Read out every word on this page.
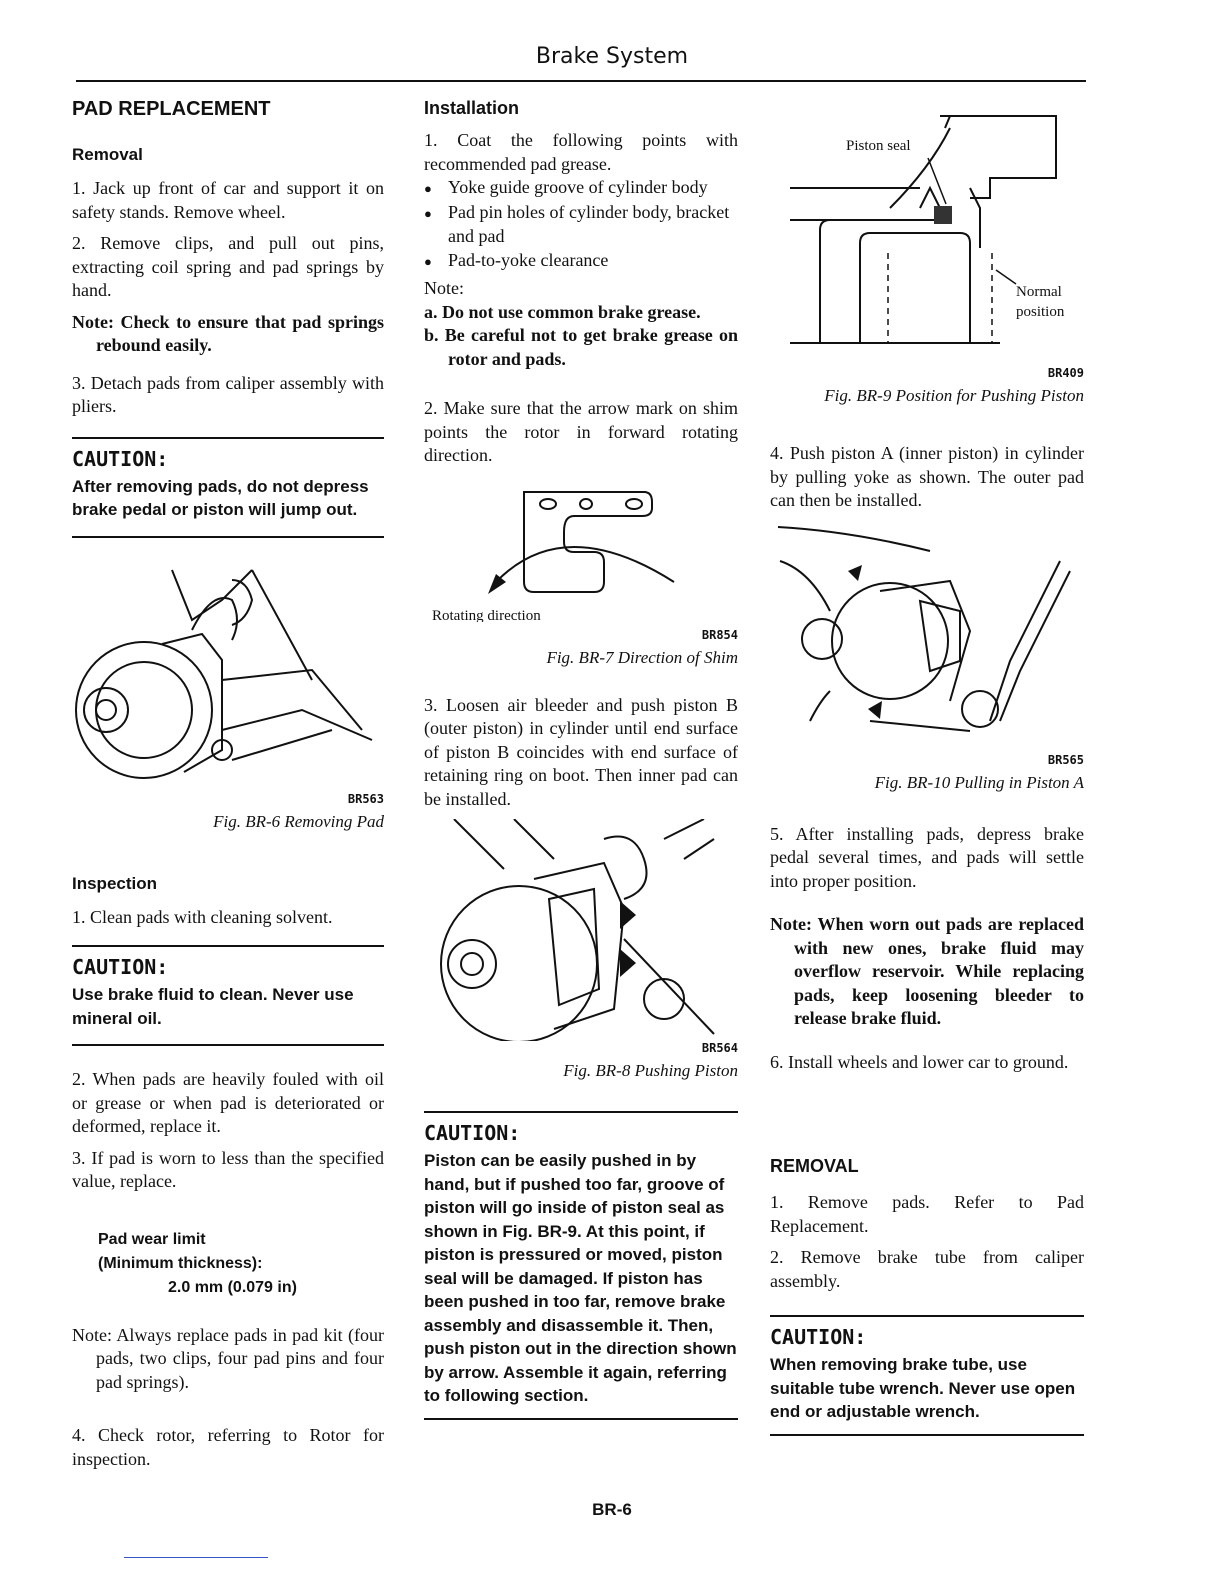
Brake System
PAD REPLACEMENT
Removal

1. Jack up front of car and support it on safety stands. Remove wheel.

2. Remove clips, and pull out pins, extracting coil spring and pad springs by hand.

Note: Check to ensure that pad springs rebound easily.

3. Detach pads from caliper assembly with pliers.

CAUTION:
After removing pads, do not depress brake pedal or piston will jump out.
BR563
Fig. BR-6 Removing Pad
Inspection

1. Clean pads with cleaning solvent.

CAUTION:
Use brake fluid to clean. Never use mineral oil.

2. When pads are heavily fouled with oil or grease or when pad is deteriorated or deformed, replace it.

3. If pad is worn to less than the specified value, replace.

Pad wear limit
(Minimum thickness):
2.0 mm (0.079 in)

Note: Always replace pads in pad kit (four pads, two clips, four pad pins and four pad springs).

4. Check rotor, referring to Rotor for inspection.

Installation

1. Coat the following points with recommended pad grease.

● Yoke guide groove of cylinder body
● Pad pin holes of cylinder body, bracket and pad
● Pad-to-yoke clearance

Note:

a. Do not use common brake grease.

b. Be careful not to get brake grease on rotor and pads.

2. Make sure that the arrow mark on shim points the rotor in forward rotating direction.

Rotating direction
BR854
Fig. BR-7 Direction of Shim

3. Loosen air bleeder and push piston B (outer piston) in cylinder until end surface of piston B coincides with end surface of retaining ring on boot. Then inner pad can be installed.

BR564
Fig. BR-8 Pushing Piston
CAUTION:
Piston can be easily pushed in by hand, but if pushed too far, groove of piston will go inside of piston seal as shown in Fig. BR-9. At this point, if piston is pressured or moved, piston seal will be damaged. If piston has been pushed in too far, remove brake assembly and disassemble it. Then, push piston out in the direction shown by arrow. Assemble it again, referring to following section.
Piston seal
Normal
position
BR409
Fig. BR-9 Position for Pushing Piston

4. Push piston A (inner piston) in cylinder by pulling yoke as shown. The outer pad can then be installed.

BR565
Fig. BR-10 Pulling in Piston A

5. After installing pads, depress brake pedal several times, and pads will settle into proper position.

Note: When worn out pads are replaced with new ones, brake fluid may overflow reservoir. While replacing pads, keep loosening bleeder to release brake fluid.

6. Install wheels and lower car to ground.

REMOVAL

1. Remove pads. Refer to Pad Replacement.

2. Remove brake tube from caliper assembly.

CAUTION:
When removing brake tube, use suitable tube wrench. Never use open end or adjustable wrench.
BR-6
